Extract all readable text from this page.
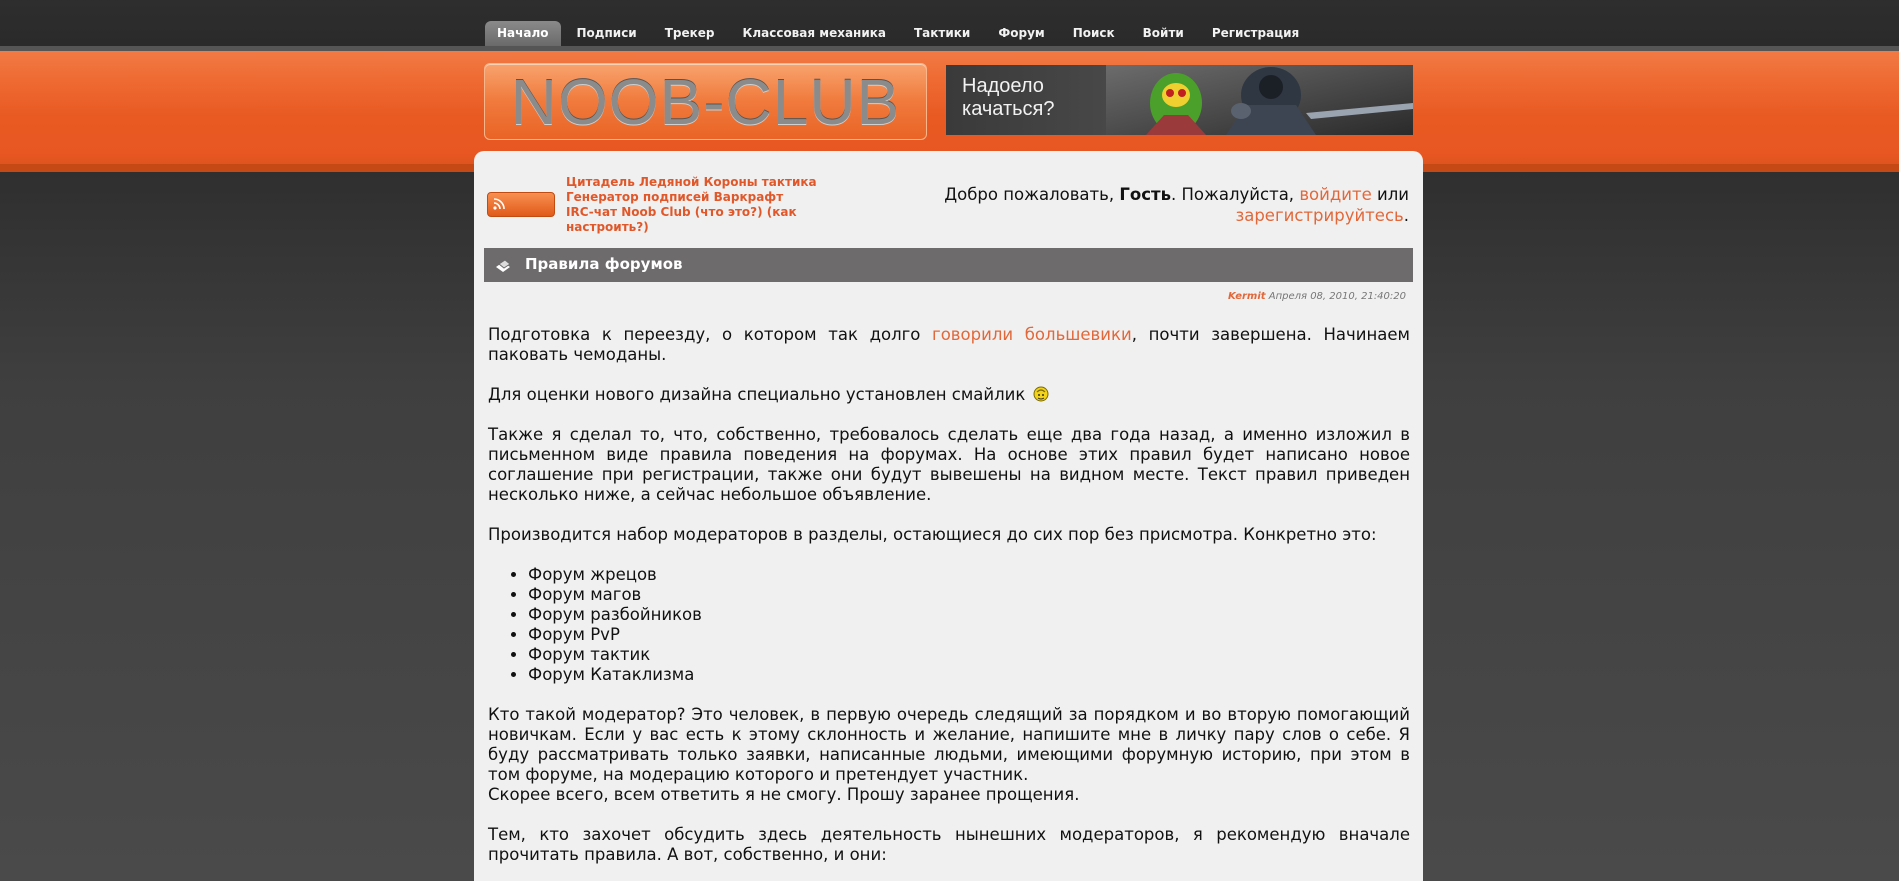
Начало	Подписи	Трекер	Классовая механика	Тактики	Форум	Поиск	Войти	Регистрация
NOOB-CLUB	Надоело
качаться?
Цитадель Ледяной Короны тактика
Генератор подписей Варкрафт
IRC-чат Noob Club (что это?) (как настроить?)
Добро пожаловать, Гость. Пожалуйста, войдите или
зарегистрируйтесь.
Правила форумов
Kermit Апреля 08, 2010, 21:40:20

Подготовка к переезду, о котором так долго говорили большевики, почти завершена. Начинаем паковать чемоданы.

Для оценки нового дизайна специально установлен смайлик

Также я сделал то, что, собственно, требовалось сделать еще два года назад, а именно изложил в письменном виде правила поведения на форумах. На основе этих правил будет написано новое соглашение при регистрации, также они будут вывешены на видном месте. Текст правил приведен несколько ниже, а сейчас небольшое объявление.

Производится набор модераторов в разделы, остающиеся до сих пор без присмотра. Конкретно это:

• Форум жрецов
• Форум магов
• Форум разбойников
• Форум PvP
• Форум тактик
• Форум Катаклизма

Кто такой модератор? Это человек, в первую очередь следящий за порядком и во вторую помогающий новичкам. Если у вас есть к этому склонность и желание, напишите мне в личку пару слов о себе. Я буду рассматривать только заявки, написанные людьми, имеющими форумную историю, при этом в том форуме, на модерацию которого и претендует участник.
Скорее всего, всем ответить я не смогу. Прошу заранее прощения.

Тем, кто захочет обсудить здесь деятельность нынешних модераторов, я рекомендую вначале прочитать правила. А вот, собственно, и они:
